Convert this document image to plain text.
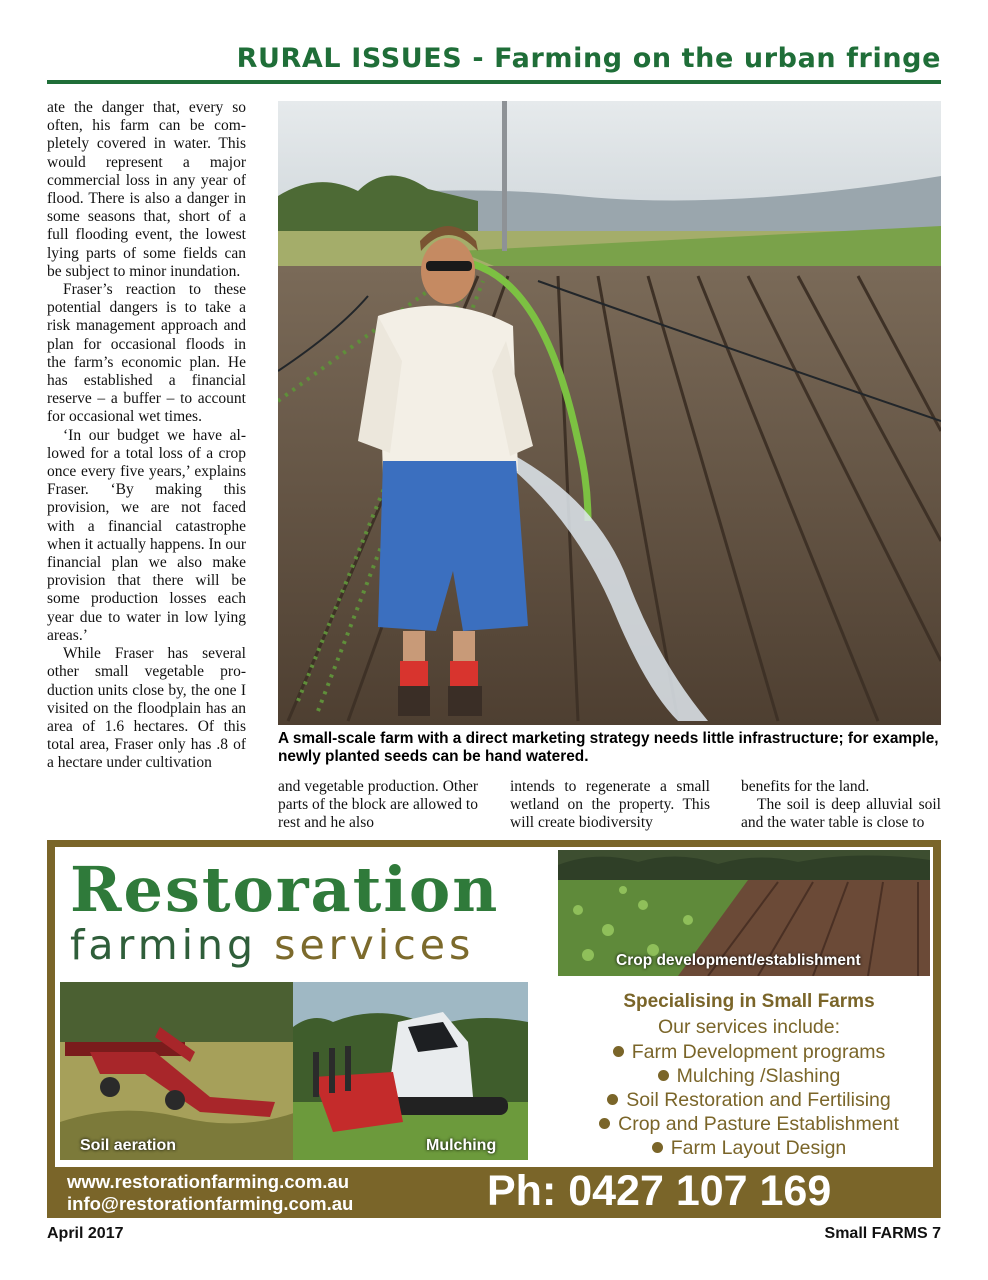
RURAL ISSUES - Farming on the urban fringe

ate the danger that, every so often, his farm can be completely covered in water. This would represent a major commercial loss in any year of flood. There is also a danger in some seasons that, short of a full flooding event, the lowest lying parts of some fields can be subject to minor inundation.

Fraser’s reaction to these potential dangers is to take a risk management approach and plan for occasional floods in the farm’s economic plan. He has established a financial reserve – a buffer – to account for occasional wet times.

‘In our budget we have allowed for a total loss of a crop once every five years,’ explains Fraser. ‘By making this provision, we are not faced with a financial catastrophe when it actually happens. In our financial plan we also make provision that there will be some production losses each year due to water in low lying areas.’

While Fraser has several other small vegetable production units close by, the one I visited on the floodplain has an area of 1.6 hectares. Of this total area, Fraser only has .8 of a hectare under cultivation

A small-scale farm with a direct marketing strategy needs little infrastructure; for example, newly planted seeds can be hand watered.

and vegetable production. Other parts of the block are allowed to rest and he also

intends to regenerate a small wetland on the property. This will create biodiversity

benefits for the land.

The soil is deep alluvial soil and the water table is close to

Restoration
farming services	Crop development/establishment
Soil aeration	Mulching
Specialising in Small Farms
Our services include:
Farm Development programs
Mulching /Slashing
Soil Restoration and Fertilising
Crop and Pasture Establishment
Farm Layout Design
www.restorationfarming.com.au
info@restorationfarming.com.au	Ph: 0427 107 169
April 2017	Small FARMS 7
